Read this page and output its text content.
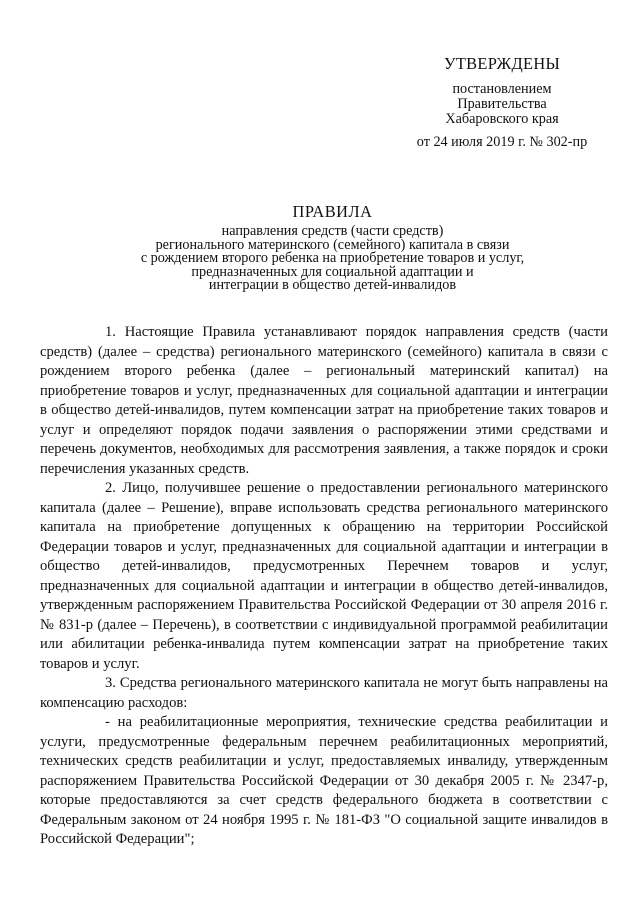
УТВЕРЖДЕНЫ
постановлением
Правительства
Хабаровского края
от 24 июля 2019 г. № 302-пр
ПРАВИЛА
направления средств (части средств)
регионального материнского (семейного) капитала в связи
с рождением второго ребенка на приобретение товаров и услуг,
предназначенных для социальной адаптации и
интеграции в общество детей-инвалидов

1. Настоящие Правила устанавливают порядок направления средств (части средств) (далее – средства) регионального материнского (семейного) капитала в связи с рождением второго ребенка (далее – региональный материнский капитал) на приобретение товаров и услуг, предназначенных для социальной адаптации и интеграции в общество детей-инвалидов, путем компенсации затрат на приобретение таких товаров и услуг и определяют порядок подачи заявления о распоряжении этими средствами и перечень документов, необходимых для рассмотрения заявления, а также порядок и сроки перечисления указанных средств.

2. Лицо, получившее решение о предоставлении регионального материнского капитала (далее – Решение), вправе использовать средства регионального материнского капитала на приобретение допущенных к обращению на территории Российской Федерации товаров и услуг, предназначенных для социальной адаптации и интеграции в общество детей-инвалидов, предусмотренных Перечнем товаров и услуг, предназначенных для социальной адаптации и интеграции в общество детей-инвалидов, утвержденным распоряжением Правительства Российской Федерации от 30 апреля 2016 г. № 831-р (далее – Перечень), в соответствии с индивидуальной программой реабилитации или абилитации ребенка-инвалида путем компенсации затрат на приобретение таких товаров и услуг.

3. Средства регионального материнского капитала не могут быть направлены на компенсацию расходов:

- на реабилитационные мероприятия, технические средства реабилитации и услуги, предусмотренные федеральным перечнем реабилитационных мероприятий, технических средств реабилитации и услуг, предоставляемых инвалиду, утвержденным распоряжением Правительства Российской Федерации от 30 декабря 2005 г. № 2347-р, которые предоставляются за счет средств федерального бюджета в соответствии с Федеральным законом от 24 ноября 1995 г. № 181-ФЗ "О социальной защите инвалидов в Российской Федерации";
